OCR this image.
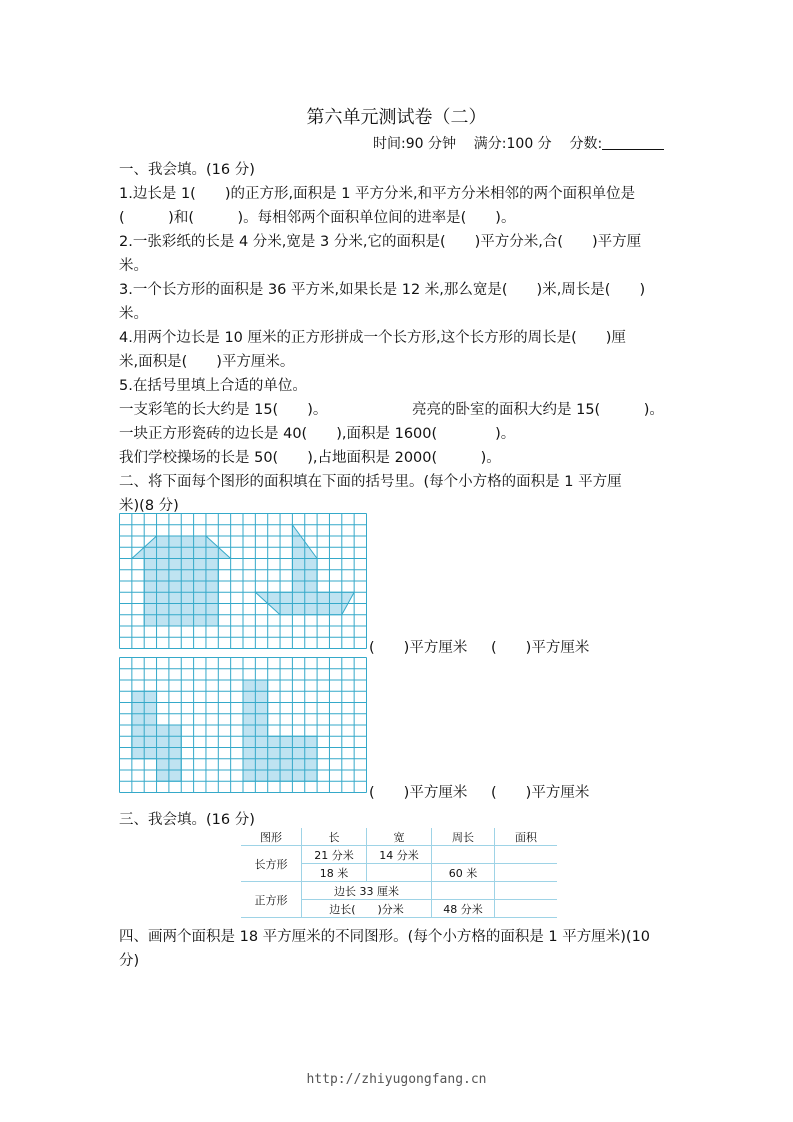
第六单元测试卷（二）
时间:90 分钟 满分:100 分 分数:
一、我会填。(16 分)
1.边长是 1(　　)的正方形,面积是 1 平方分米,和平方分米相邻的两个面积单位是
(　　　)和(　　　)。每相邻两个面积单位间的进率是(　　)。
2.一张彩纸的长是 4 分米,宽是 3 分米,它的面积是(　　)平方分米,合(　　)平方厘
米。
3.一个长方形的面积是 36 平方米,如果长是 12 米,那么宽是(　　)米,周长是(　　)
米。
4.用两个边长是 10 厘米的正方形拼成一个长方形,这个长方形的周长是(　　)厘
米,面积是(　　)平方厘米。
5.在括号里填上合适的单位。
一支彩笔的长大约是 15(　　)。	亮亮的卧室的面积大约是 15(　　　)。
一块正方形瓷砖的边长是 40(　　),面积是 1600(　　　　)。
我们学校操场的长是 50(　　),占地面积是 2000(　　　)。
二、将下面每个图形的面积填在下面的括号里。(每个小方格的面积是 1 平方厘
米)(8 分)
(　　)平方厘米 (　　)平方厘米
(　　)平方厘米 (　　)平方厘米
三、我会填。(16 分)
图形	长	宽	周长	面积
长方形	21 分米	14 分米		
	18 米		60 米	
正方形	边长 33 厘米			
	边长(　　)分米		48 分米	
四、画两个面积是 18 平方厘米的不同图形。(每个小方格的面积是 1 平方厘米)(10
分)
http://zhiyugongfang.cn
